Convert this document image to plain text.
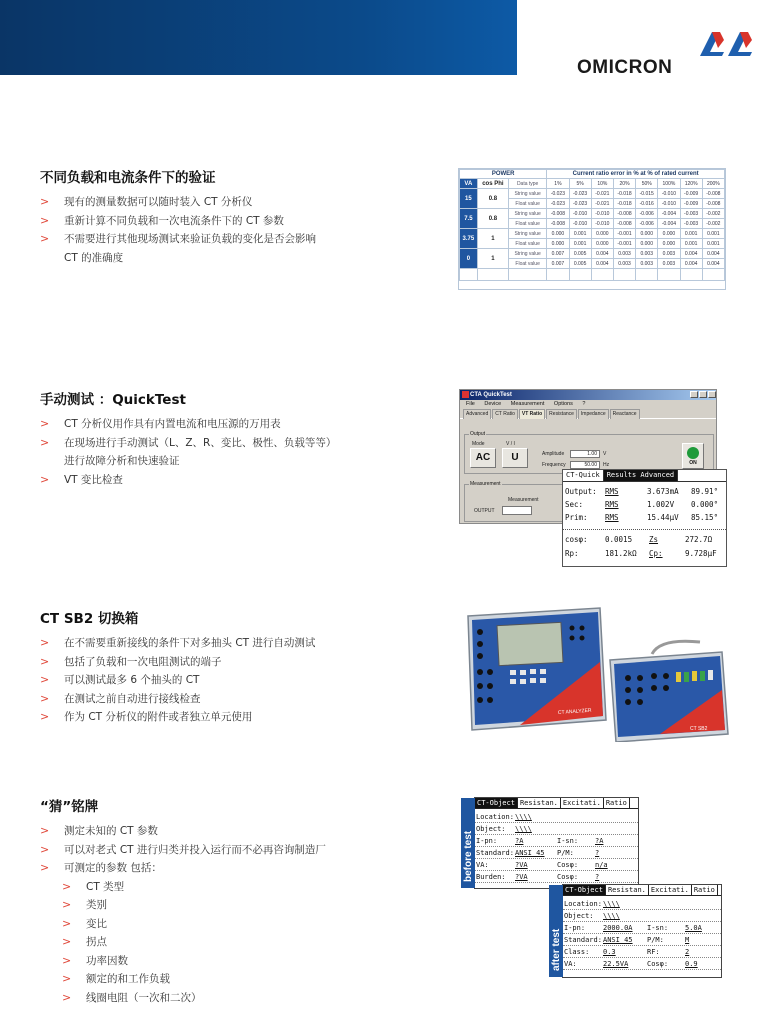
OMICRON
不同负载和电流条件下的验证
> 现有的测量数据可以随时装入 CT 分析仪
> 重新计算不同负载和一次电流条件下的 CT 参数
> 不需要进行其他现场测试来验证负载的变化是否会影响
CT 的准确度
POWER			Current ratio error in % at % of rated current							
VA	cos Phi	Data type	1%	5%	10%	20%	50%	100%	120%	200%
15	0.8	String value	-0.023	-0.023	-0.021	-0.018	-0.015	-0.010	-0.009	-0.008
		Float value	-0.023	-0.023	-0.021	-0.018	-0.016	-0.010	-0.009	-0.008
7.5	0.8	String value	-0.008	-0.010	-0.010	-0.008	-0.006	-0.004	-0.003	-0.002
		Float value	-0.008	-0.010	-0.010	-0.008	-0.006	-0.004	-0.003	-0.002
3.75	1	String value	0.000	0.001	0.000	-0.001	0.000	0.000	0.001	0.001
		Float value	0.000	0.001	0.000	-0.001	0.000	0.000	0.001	0.001
0	1	String value	0.007	0.005	0.004	0.003	0.003	0.003	0.004	0.004
		Float value	0.007	0.005	0.004	0.003	0.003	0.003	0.004	0.004

手动测试 ：QuickTest
> CT 分析仪用作具有内置电流和电压源的万用表
> 在现场进行手动测试（L、Z、R、变比、极性、负载等等）
进行故障分析和快速验证
> VT 变比检查
CTA QuickTest
File Device Measurement Options ?
Advanced CT Ratio VT Ratio Resistance Impedance Reactance
Output
Mode	V / I
AC	U	Amplitude	1.00	V
Frequency	50.00	Hz	ON
Measurement
Measurement
OUTPUT
CT-Quick Results Advanced
Output: RMS	3.673mA 89.91°
Sec:	RMS	1.002V 0.000°
Prim: RMS	15.44µV 85.15°
cosφ: 0.0015 Zs	272.7Ω
Rp:	181.2kΩ Cp:	9.728µF
CT SB2 切换箱
> 在不需要重新接线的条件下对多抽头 CT 进行自动测试
> 包括了负载和一次电阻测试的端子
> 可以测试最多 6 个抽头的 CT
> 在测试之前自动进行接线检查
> 作为 CT 分析仪的附件或者独立单元使用	CT ANALYZER
CT SB2
“猜”铭牌
> 测定未知的 CT 参数
> 可以对老式 CT 进行归类并投入运行而不必再咨询制造厂
> 可测定的参数 包括：
> CT 类型
> 类别
> 变比
> 拐点
> 功率因数
> 额定的和工作负载
> 线圈电阻（一次和二次）
before test
CT-Object Resistan. Excitati. Ratio
Location: \\\\
Object: \\\\
I-pn:	?A	I-sn: ?A
Standard: ANSI 45 P/M:	?
VA:	?VA	Cosφ: n/a
Burden: ?VA	Cosφ: ?
after test
CT-Object Resistan. Excitati. Ratio
Location: \\\\
Object: \\\\
I-pn:	2000.0A I-sn: 5.0A
Standard: ANSI 45 P/M:	M
Class: 0.3	RF:	2
VA:	22.5VA	Cosφ: 0.9
